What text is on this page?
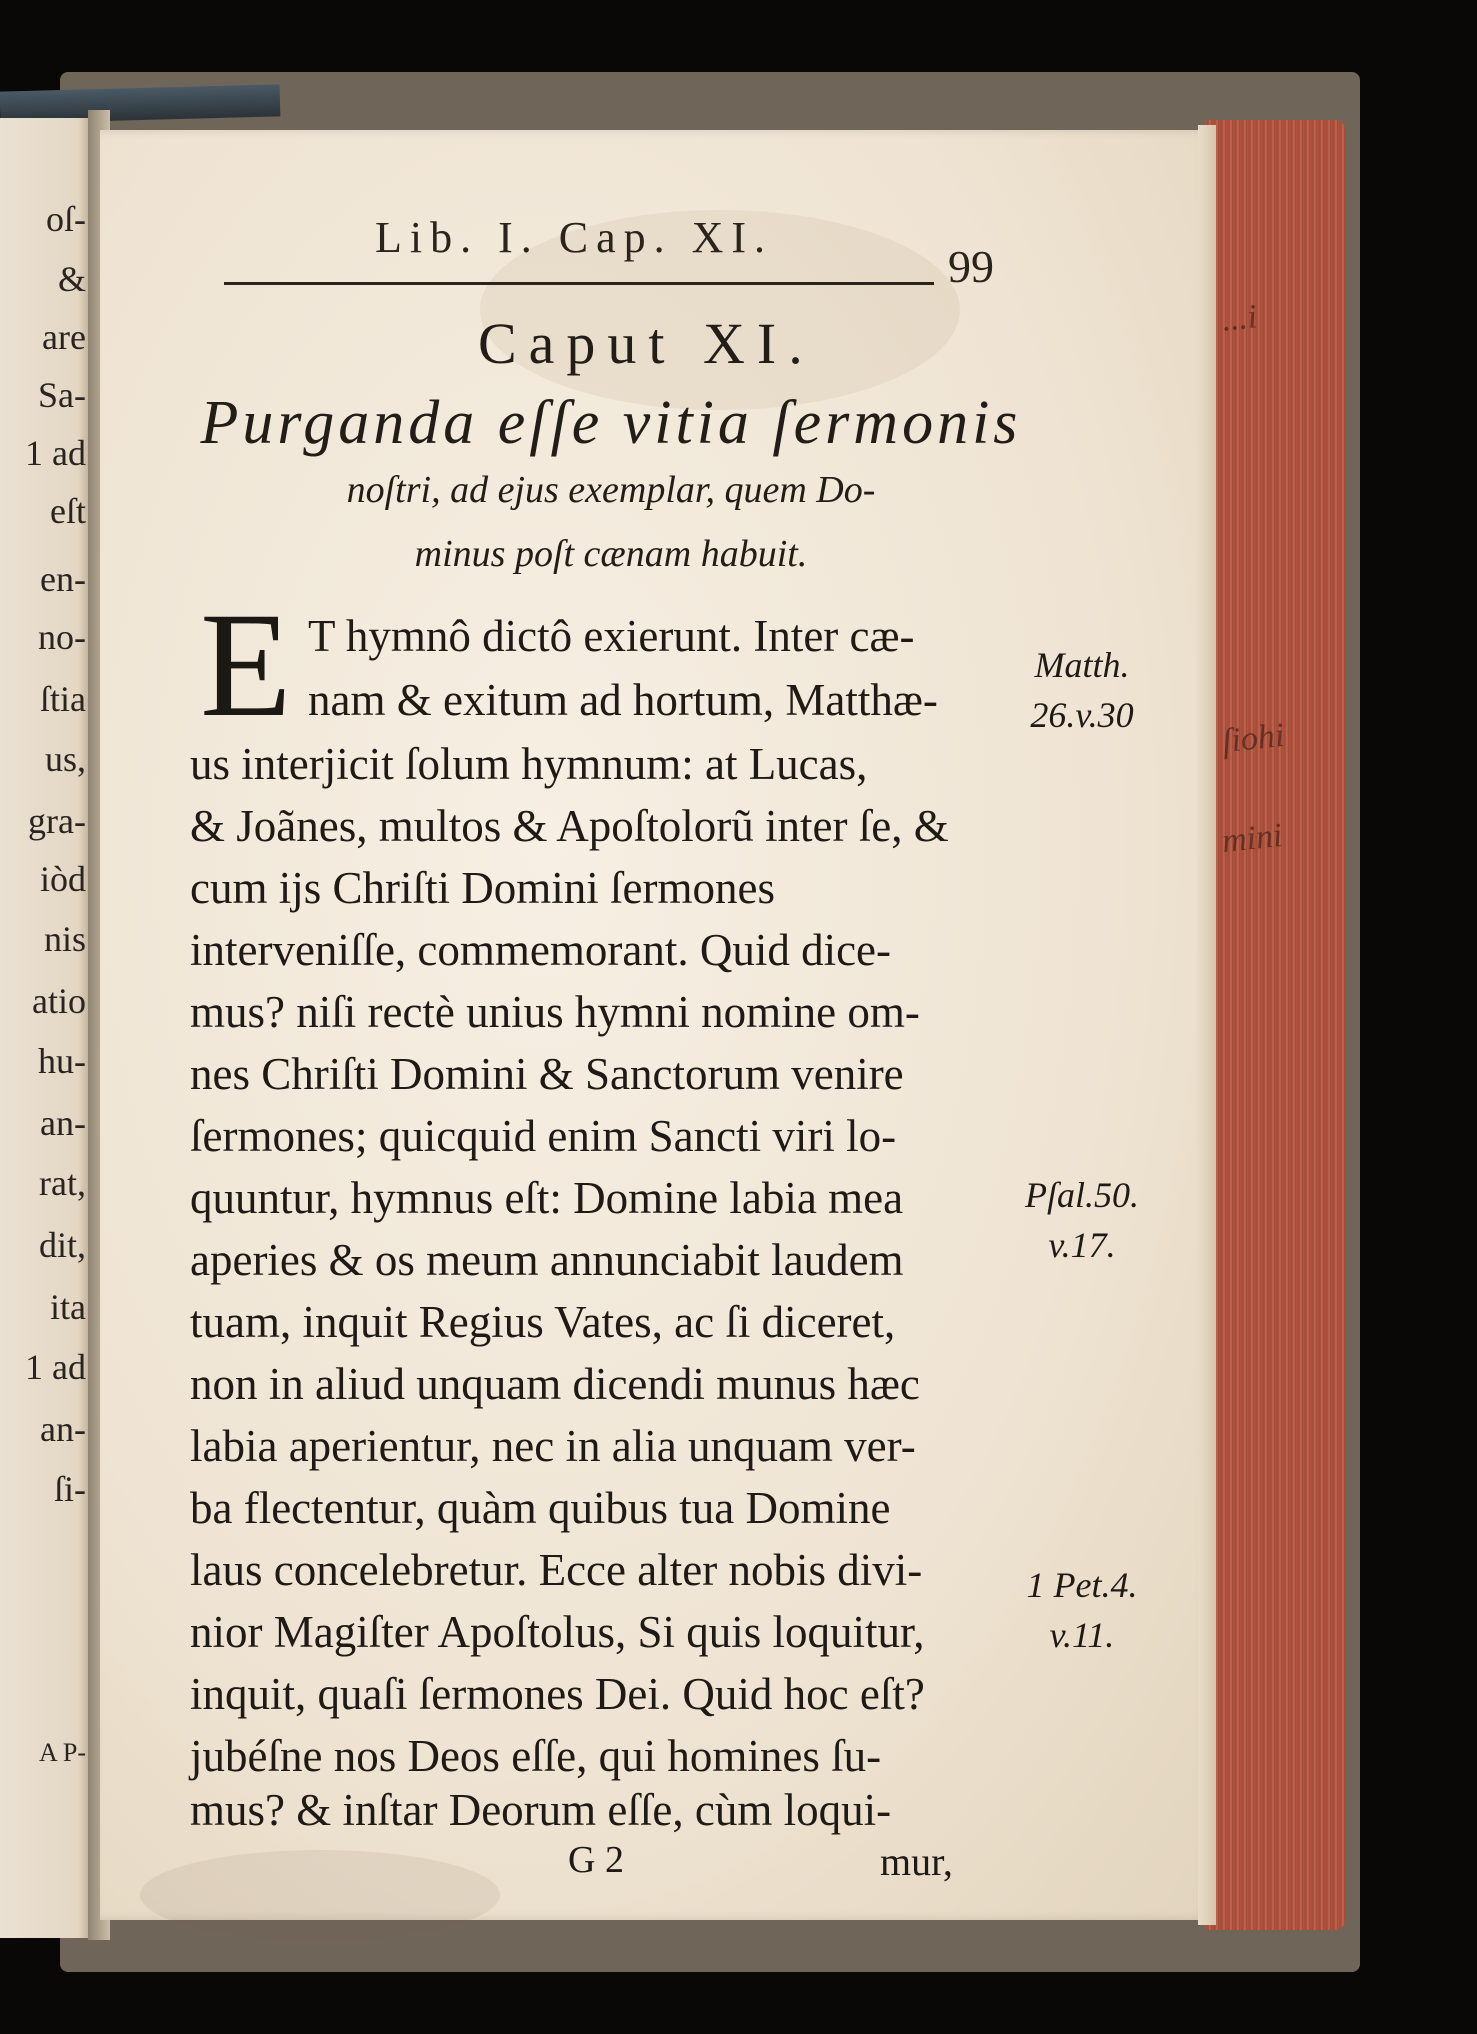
oſ-
&
are
Sa-
1 ad
eſt
en-
no-
ſtia
us,
gra-
iòd
nis
atio
hu-
an-
rat,
dit,
ita
1 ad
an-
ſi-
A P-
...i
ſiohi
mini
Lib. I. Cap. XI.
99
Caput XI.
Purganda eſſe vitia ſermonis
noſtri, ad ejus exemplar, quem Do-
minus poſt cænam habuit.
E T hymnô dictô exierunt. Inter cæ-
nam & exitum ad hortum, Matthæ-
us interjicit ſolum hymnum: at Lucas,
& Joãnes, multos & Apoſtolorũ inter ſe, &
cum ijs Chriſti Domini ſermones
interveniſſe, commemorant. Quid dice-
mus? niſi rectè unius hymni nomine om-
nes Chriſti Domini & Sanctorum venire
ſermones; quicquid enim Sancti viri lo-
quuntur, hymnus eſt: Domine labia mea
aperies & os meum annunciabit laudem
tuam, inquit Regius Vates, ac ſi diceret,
non in aliud unquam dicendi munus hæc
labia aperientur, nec in alia unquam ver-
ba flectentur, quàm quibus tua Domine
laus concelebretur. Ecce alter nobis divi-
nior Magiſter Apoſtolus, Si quis loquitur,
inquit, quaſi ſermones Dei. Quid hoc eſt?
jubéſne nos Deos eſſe, qui homines ſu-
mus? & inſtar Deorum eſſe, cùm loqui-
G 2	mur,
Matth.
26.v.30
Pſal.50.
v.17.
1 Pet.4.
v.11.
